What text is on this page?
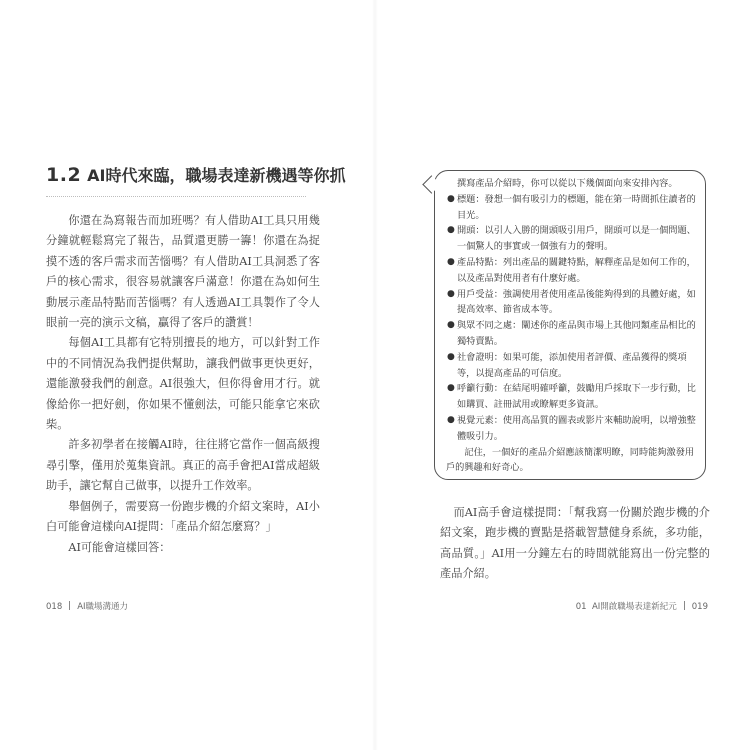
1.2 AI時代來臨，職場表達新機遇等你抓

你還在為寫報告而加班嗎？有人借助AI工具只用幾分鐘就輕鬆寫完了報告，品質還更勝一籌！你還在為捉摸不透的客戶需求而苦惱嗎？有人借助AI工具洞悉了客戶的核心需求，很容易就讓客戶滿意！你還在為如何生動展示產品特點而苦惱嗎？有人透過AI工具製作了令人眼前一亮的演示文稿，贏得了客戶的讚賞！

每個AI工具都有它特別擅長的地方，可以針對工作中的不同情況為我們提供幫助，讓我們做事更快更好，還能激發我們的創意。AI很強大，但你得會用才行。就像給你一把好劍，你如果不懂劍法，可能只能拿它來砍柴。

許多初學者在接觸AI時，往往將它當作一個高級搜尋引擎，僅用於蒐集資訊。真正的高手會把AI當成超級助手，讓它幫自己做事，以提升工作效率。

舉個例子，需要寫一份跑步機的介紹文案時，AI小白可能會這樣向AI提問：「產品介紹怎麼寫？」

AI可能會這樣回答：

018 AI職場溝通力

撰寫產品介紹時，你可以從以下幾個面向來安排內容。

● 標題：發想一個有吸引力的標題，能在第一時間抓住讀者的目光。
● 開頭：以引人入勝的開頭吸引用戶，開頭可以是一個問題、一個驚人的事實或一個強有力的聲明。
● 產品特點：列出產品的關鍵特點，解釋產品是如何工作的，以及產品對使用者有什麼好處。
● 用戶受益：強調使用者使用產品後能夠得到的具體好處，如提高效率、節省成本等。
● 與眾不同之處：闡述你的產品與市場上其他同類產品相比的獨特賣點。
● 社會證明：如果可能，添加使用者評價、產品獲得的獎項等，以提高產品的可信度。
● 呼籲行動：在結尾明確呼籲，鼓勵用戶採取下一步行動，比如購買、註冊試用或瞭解更多資訊。
● 視覺元素：使用高品質的圖表或影片來輔助說明，以增強整體吸引力。

記住，一個好的產品介紹應該簡潔明瞭，同時能夠激發用戶的興趣和好奇心。

而AI高手會這樣提問：「幫我寫一份關於跑步機的介紹文案，跑步機的賣點是搭載智慧健身系統，多功能，高品質。」AI用一分鐘左右的時間就能寫出一份完整的產品介紹。

01 AI開啟職場表達新紀元 019
